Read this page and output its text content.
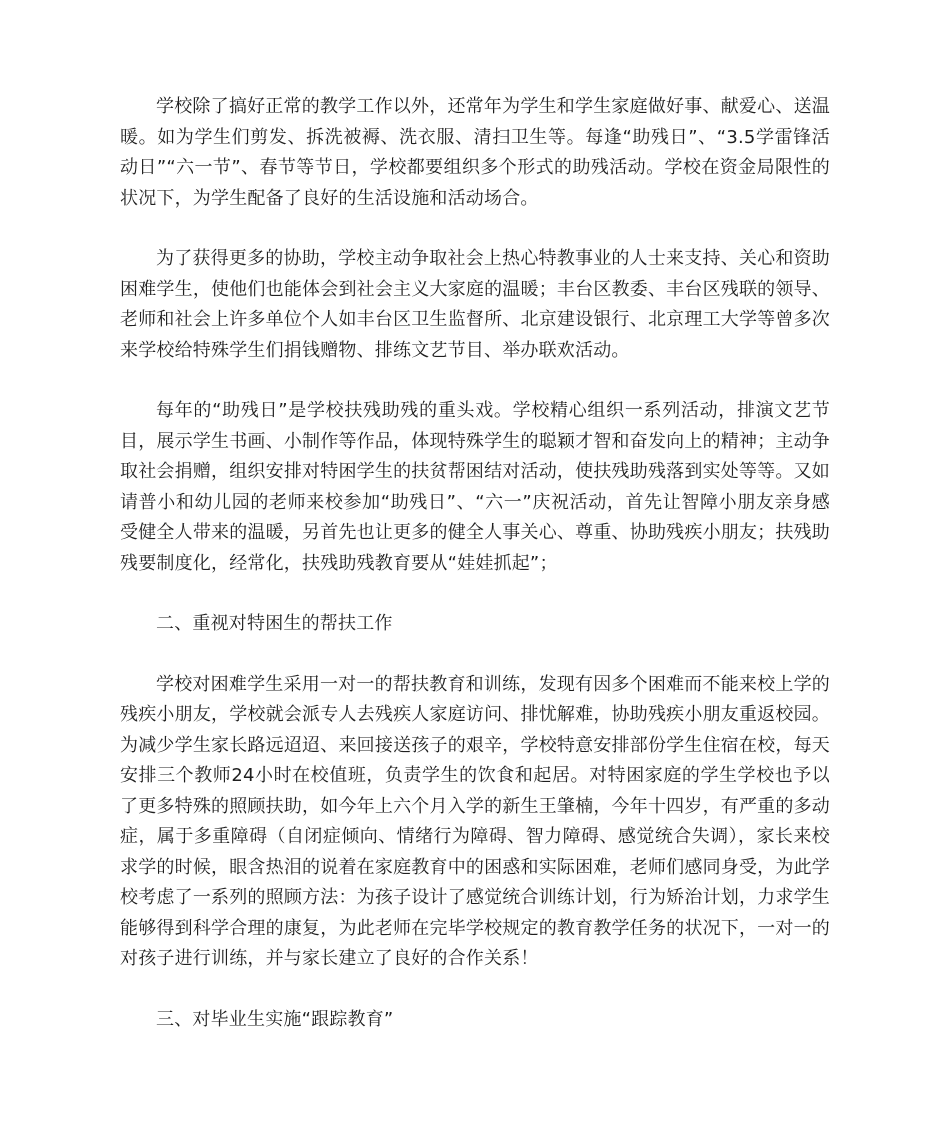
学校除了搞好正常的教学工作以外，还常年为学生和学生家庭做好事、献爱心、送温暖。如为学生们剪发、拆洗被褥、洗衣服、清扫卫生等。每逢“助残日”、“3.5学雷锋活动日”“六一节”、春节等节日，学校都要组织多个形式的助残活动。学校在资金局限性的状况下，为学生配备了良好的生活设施和活动场合。

为了获得更多的协助，学校主动争取社会上热心特教事业的人士来支持、关心和资助困难学生，使他们也能体会到社会主义大家庭的温暖；丰台区教委、丰台区残联的领导、老师和社会上许多单位个人如丰台区卫生监督所、北京建设银行、北京理工大学等曾多次来学校给特殊学生们捐钱赠物、排练文艺节目、举办联欢活动。

每年的“助残日”是学校扶残助残的重头戏。学校精心组织一系列活动，排演文艺节目，展示学生书画、小制作等作品，体现特殊学生的聪颖才智和奋发向上的精神；主动争取社会捐赠，组织安排对特困学生的扶贫帮困结对活动，使扶残助残落到实处等等。又如请普小和幼儿园的老师来校参加“助残日”、“六一”庆祝活动，首先让智障小朋友亲身感受健全人带来的温暖，另首先也让更多的健全人事关心、尊重、协助残疾小朋友；扶残助残要制度化，经常化，扶残助残教育要从“娃娃抓起”；

二、重视对特困生的帮扶工作

学校对困难学生采用一对一的帮扶教育和训练，发现有因多个困难而不能来校上学的残疾小朋友，学校就会派专人去残疾人家庭访问、排忧解难，协助残疾小朋友重返校园。为减少学生家长路远迢迢、来回接送孩子的艰辛，学校特意安排部份学生住宿在校，每天安排三个教师24小时在校值班，负责学生的饮食和起居。对特困家庭的学生学校也予以了更多特殊的照顾扶助，如今年上六个月入学的新生王肇楠，今年十四岁，有严重的多动症，属于多重障碍（自闭症倾向、情绪行为障碍、智力障碍、感觉统合失调），家长来校求学的时候，眼含热泪的说着在家庭教育中的困惑和实际困难，老师们感同身受，为此学校考虑了一系列的照顾方法：为孩子设计了感觉统合训练计划，行为矫治计划，力求学生能够得到科学合理的康复，为此老师在完毕学校规定的教育教学任务的状况下，一对一的对孩子进行训练，并与家长建立了良好的合作关系！

三、对毕业生实施“跟踪教育”
